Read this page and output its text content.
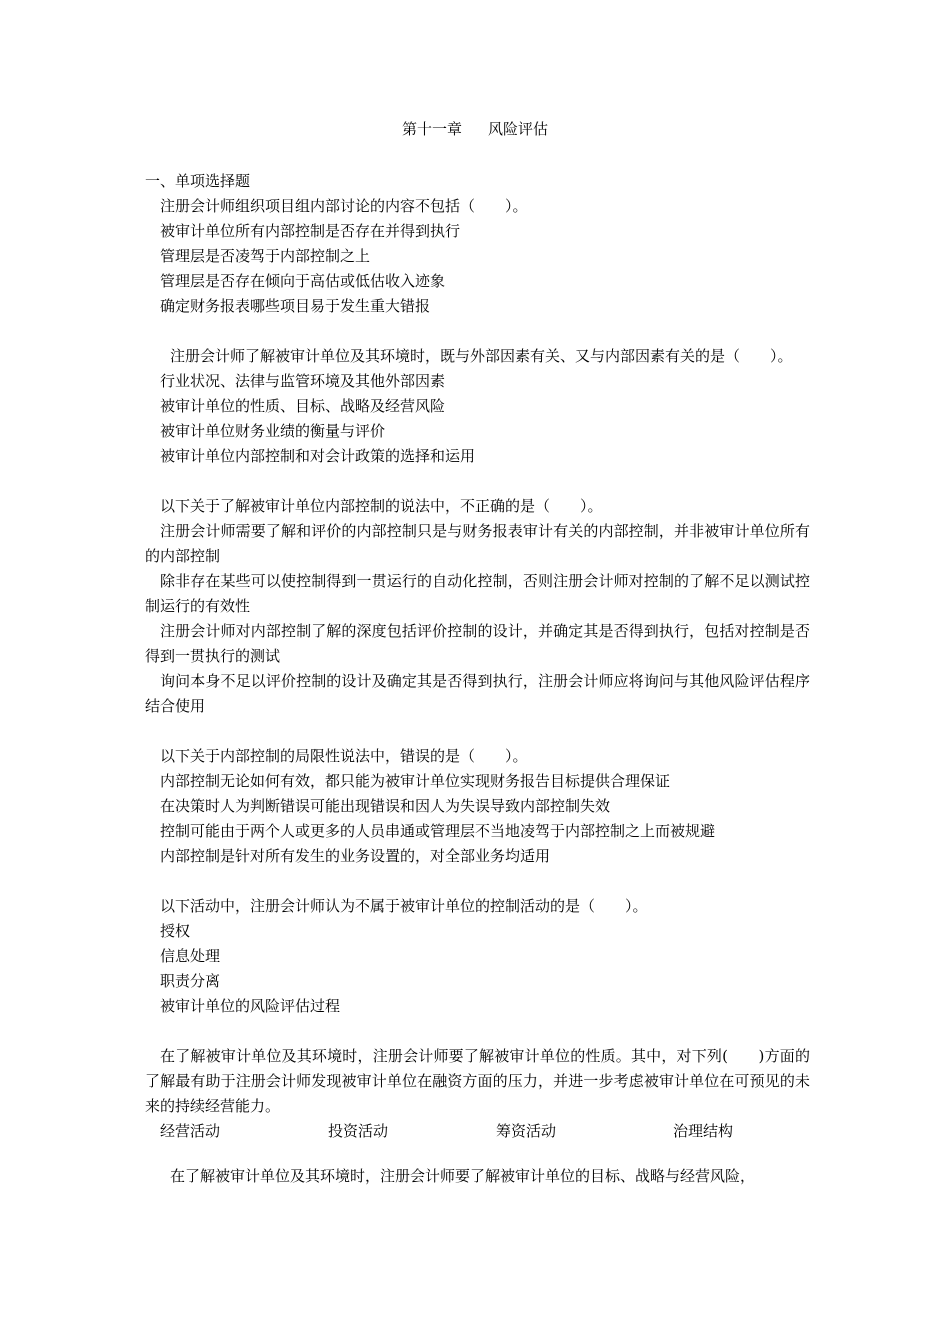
第十一章 风险评估

一、单项选择题

注册会计师组织项目组内部讨论的内容不包括（　　）。

被审计单位所有内部控制是否存在并得到执行

管理层是否凌驾于内部控制之上

管理层是否存在倾向于高估或低估收入迹象

确定财务报表哪些项目易于发生重大错报

注册会计师了解被审计单位及其环境时，既与外部因素有关、又与内部因素有关的是（　　）。

行业状况、法律与监管环境及其他外部因素

被审计单位的性质、目标、战略及经营风险

被审计单位财务业绩的衡量与评价

被审计单位内部控制和对会计政策的选择和运用

以下关于了解被审计单位内部控制的说法中，不正确的是（　　）。

注册会计师需要了解和评价的内部控制只是与财务报表审计有关的内部控制，并非被审计单位所有的内部控制

除非存在某些可以使控制得到一贯运行的自动化控制，否则注册会计师对控制的了解不足以测试控制运行的有效性

注册会计师对内部控制了解的深度包括评价控制的设计，并确定其是否得到执行，包括对控制是否得到一贯执行的测试

询问本身不足以评价控制的设计及确定其是否得到执行，注册会计师应将询问与其他风险评估程序结合使用

以下关于内部控制的局限性说法中，错误的是（　　）。

内部控制无论如何有效，都只能为被审计单位实现财务报告目标提供合理保证

在决策时人为判断错误可能出现错误和因人为失误导致内部控制失效

控制可能由于两个人或更多的人员串通或管理层不当地凌驾于内部控制之上而被规避

内部控制是针对所有发生的业务设置的，对全部业务均适用

以下活动中，注册会计师认为不属于被审计单位的控制活动的是（　　）。

授权

信息处理

职责分离

被审计单位的风险评估过程

在了解被审计单位及其环境时，注册会计师要了解被审计单位的性质。其中，对下列(　　)方面的了解最有助于注册会计师发现被审计单位在融资方面的压力，并进一步考虑被审计单位在可预见的未来的持续经营能力。

经营活动	投资活动	筹资活动	治理结构

在了解被审计单位及其环境时，注册会计师要了解被审计单位的目标、战略与经营风险，
